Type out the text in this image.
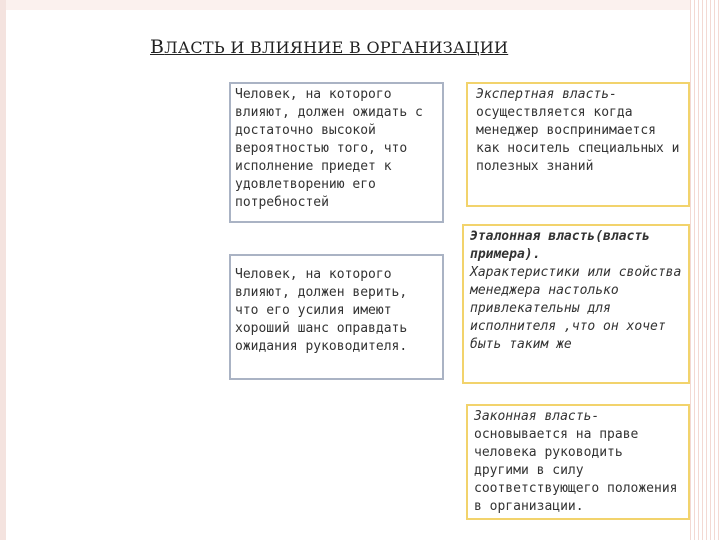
ВЛАСТЬ И ВЛИЯНИЕ В ОРГАНИЗАЦИИ
Человек, на которого влияют, должен ожидать с достаточно высокой вероятностью того, что исполнение приедет к удовлетворению его потребностей
Человек, на которого влияют, должен верить, что его усилия имеют хороший шанс оправдать ожидания руководителя.
Экспертная власть-
осуществляется когда менеджер воспринимается как носитель специальных и полезных знаний
Эталонная власть(власть примера).
Характеристики или свойства менеджера настолько привлекательны для исполнителя ,что он хочет быть таким же
Законная власть-
основывается на праве человека руководить другими в силу соответствующего положения в организации.
